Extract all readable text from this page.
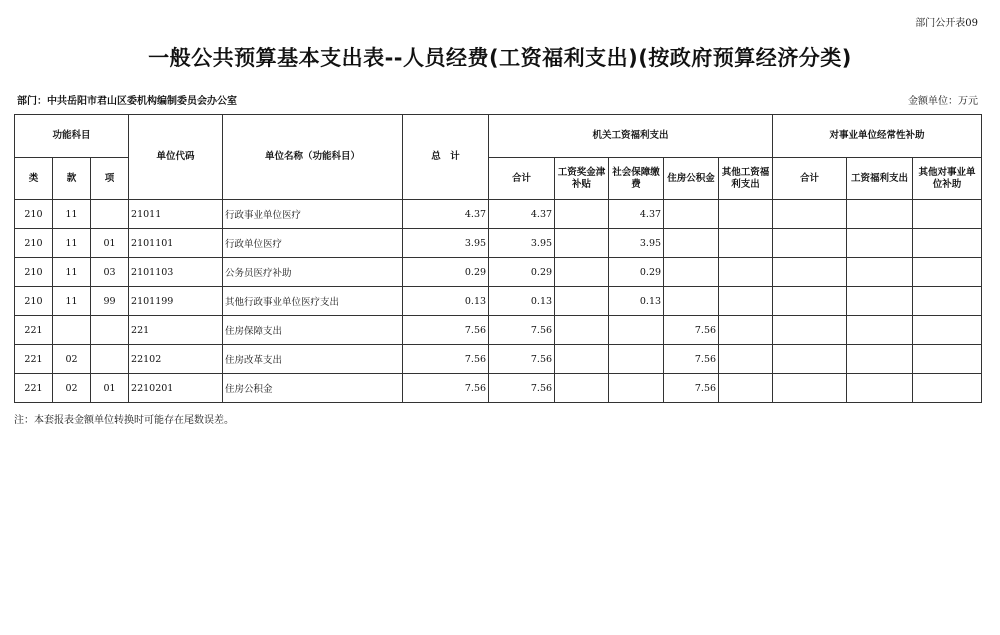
部门公开表09
一般公共预算基本支出表--人员经费(工资福利支出)(按政府预算经济分类)
部门：中共岳阳市君山区委机构编制委员会办公室	金额单位：万元
功能科目			单位代码	单位名称（功能科目）	总　计	机关工资福利支出					对事业单位经常性补助		
类	款	项				合计	工资奖金津补贴	社会保障缴费	住房公积金	其他工资福利支出	合计	工资福利支出	其他对事业单位补助
210	11		21011	行政事业单位医疗	4.37	4.37		4.37					
210	11	01	2101101	行政单位医疗	3.95	3.95		3.95					
210	11	03	2101103	公务员医疗补助	0.29	0.29		0.29					
210	11	99	2101199	其他行政事业单位医疗支出	0.13	0.13		0.13					
221			221	住房保障支出	7.56	7.56			7.56				
221	02		22102	住房改革支出	7.56	7.56			7.56				
221	02	01	2210201	住房公积金	7.56	7.56			7.56				
注：本套报表金额单位转换时可能存在尾数误差。
